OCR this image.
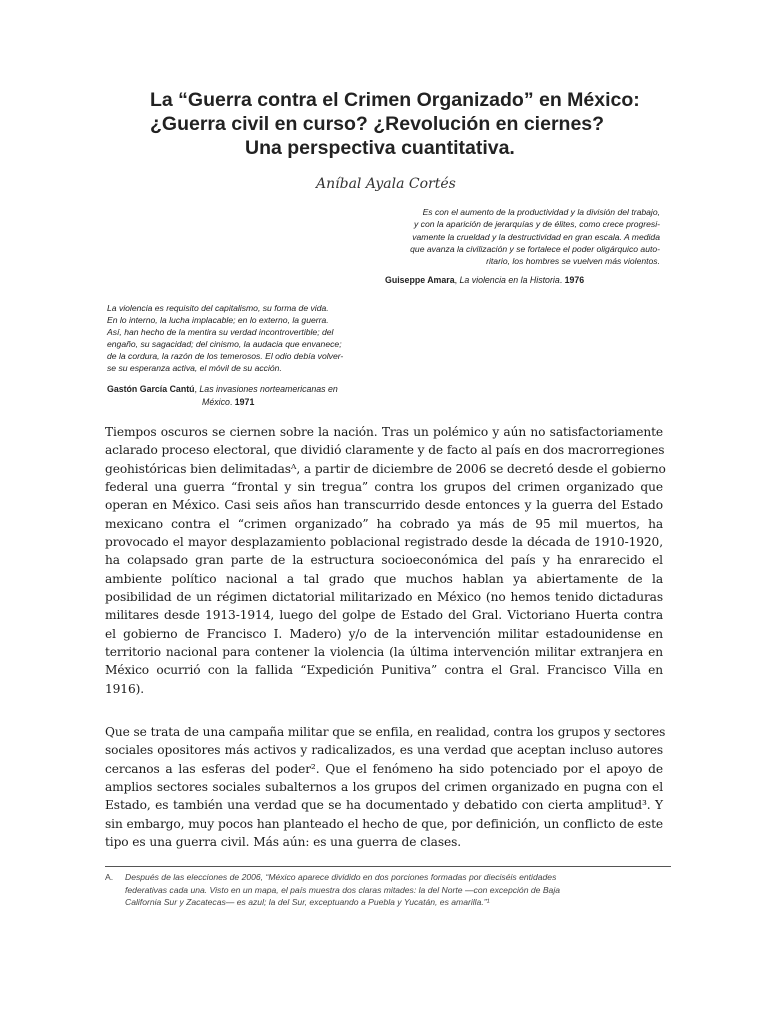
La “Guerra contra el Crimen Organizado” en México:
¿Guerra civil en curso? ¿Revolución en ciernes?
Una perspectiva cuantitativa.
Aníbal Ayala Cortés
Es con el aumento de la productividad y la división del trabajo,
y con la aparición de jerarquías y de élites, como crece progresi-
vamente la crueldad y la destructividad en gran escala. A medida
que avanza la civilización y se fortalece el poder oligárquico auto-
ritario, los hombres se vuelven más violentos.
Guiseppe Amara, La violencia en la Historia. 1976
La violencia es requisito del capitalismo, su forma de vida.
En lo interno, la lucha implacable; en lo externo, la guerra.
Así, han hecho de la mentira su verdad incontrovertible; del
engaño, su sagacidad; del cinismo, la audacia que envanece;
de la cordura, la razón de los temerosos. El odio debía volver-
se su esperanza activa, el móvil de su acción.
Gastón García Cantú, Las invasiones norteamericanas en
México. 1971
Tiempos oscuros se ciernen sobre la nación. Tras un polémico y aún no satisfactoriamente
aclarado proceso electoral, que dividió claramente y de facto al país en dos macrorregiones
geohistóricas bien delimitadasᴬ, a partir de diciembre de 2006 se decretó desde el gobierno
federal una guerra “frontal y sin tregua” contra los grupos del crimen organizado que
operan en México. Casi seis años han transcurrido desde entonces y la guerra del Estado
mexicano contra el “crimen organizado” ha cobrado ya más de 95 mil muertos, ha
provocado el mayor desplazamiento poblacional registrado desde la década de 1910-1920,
ha colapsado gran parte de la estructura socioeconómica del país y ha enrarecido el
ambiente político nacional a tal grado que muchos hablan ya abiertamente de la
posibilidad de un régimen dictatorial militarizado en México (no hemos tenido dictaduras
militares desde 1913-1914, luego del golpe de Estado del Gral. Victoriano Huerta contra
el gobierno de Francisco I. Madero) y/o de la intervención militar estadounidense en
territorio nacional para contener la violencia (la última intervención militar extranjera en
México ocurrió con la fallida “Expedición Punitiva” contra el Gral. Francisco Villa en
1916).
Que se trata de una campaña militar que se enfila, en realidad, contra los grupos y sectores
sociales opositores más activos y radicalizados, es una verdad que aceptan incluso autores
cercanos a las esferas del poder². Que el fenómeno ha sido potenciado por el apoyo de
amplios sectores sociales subalternos a los grupos del crimen organizado en pugna con el
Estado, es también una verdad que se ha documentado y debatido con cierta amplitud³. Y
sin embargo, muy pocos han planteado el hecho de que, por definición, un conflicto de este
tipo es una guerra civil. Más aún: es una guerra de clases.
A. Después de las elecciones de 2006, “México aparece dividido en dos porciones formadas por dieciséis entidades
federativas cada una. Visto en un mapa, el país muestra dos claras mitades: la del Norte —con excepción de Baja
California Sur y Zacatecas— es azul; la del Sur, exceptuando a Puebla y Yucatán, es amarilla.”¹
